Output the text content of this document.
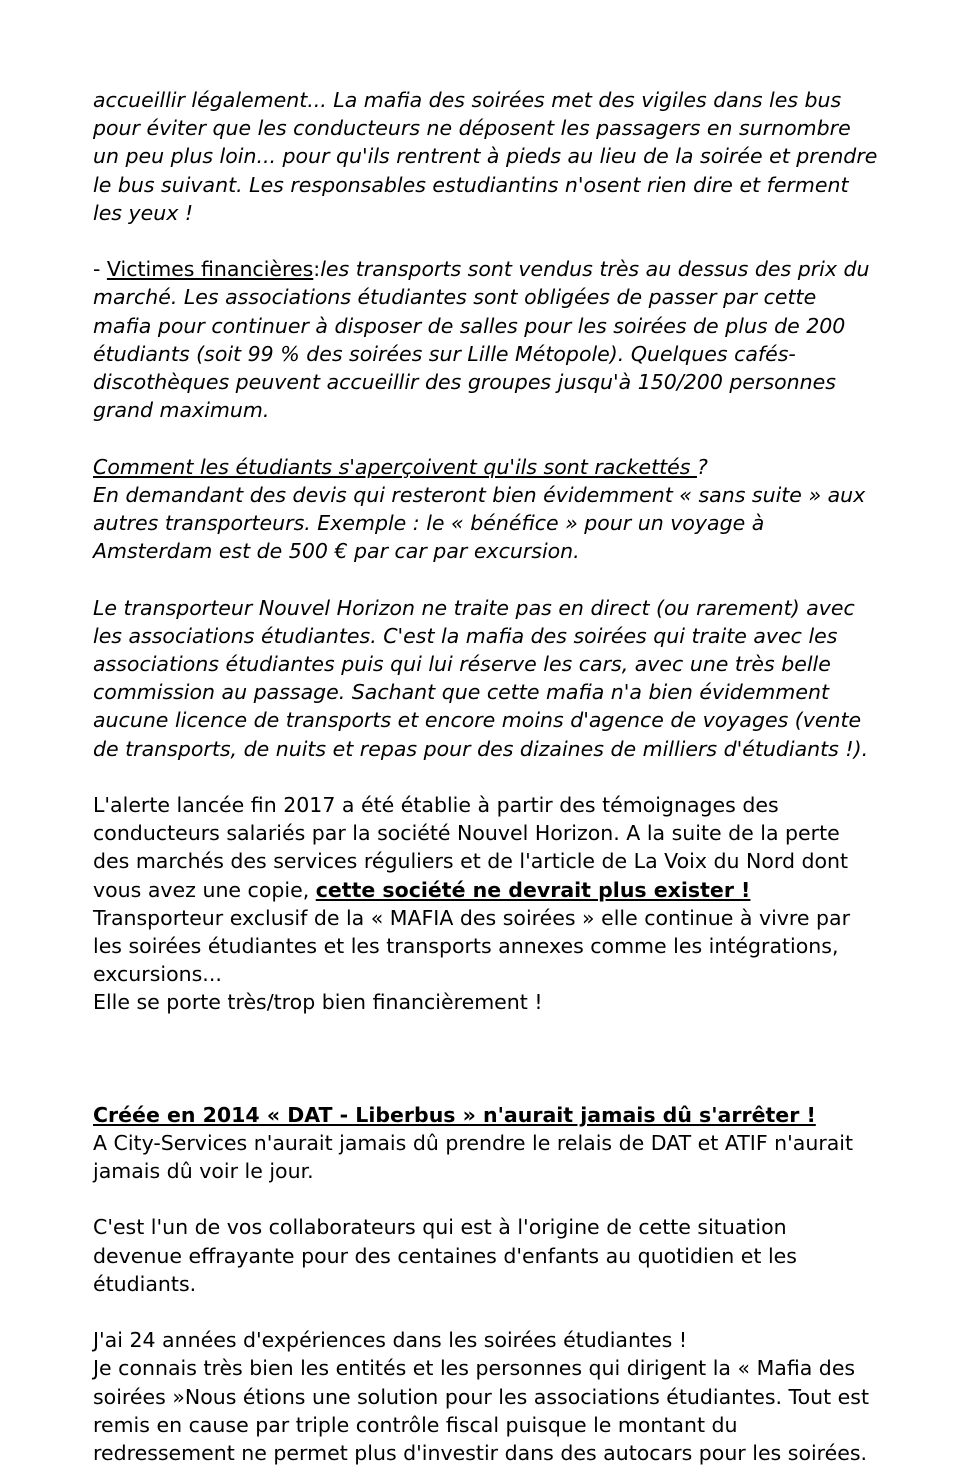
accueillir légalement... La mafia des soirées met des vigiles dans les bus pour éviter que les conducteurs ne déposent les passagers en surnombre un peu plus loin... pour qu'ils rentrent à pieds au lieu de la soirée et prendre le bus suivant. Les responsables estudiantins n'osent rien dire et ferment les yeux !

- Victimes financières:les transports sont vendus très au dessus des prix du marché. Les associations étudiantes sont obligées de passer par cette mafia pour continuer à disposer de salles pour les soirées de plus de 200 étudiants (soit 99 % des soirées sur Lille Métopole). Quelques cafés-discothèques peuvent accueillir des groupes jusqu'à 150/200 personnes grand maximum.

Comment les étudiants s'aperçoivent qu'ils sont rackettés ?

En demandant des devis qui resteront bien évidemment « sans suite » aux autres transporteurs. Exemple : le « bénéfice » pour un voyage à Amsterdam est de 500 € par car par excursion.

Le transporteur Nouvel Horizon ne traite pas en direct (ou rarement) avec les associations étudiantes. C'est la mafia des soirées qui traite avec les associations étudiantes puis qui lui réserve les cars, avec une très belle commission au passage. Sachant que cette mafia n'a bien évidemment aucune licence de transports et encore moins d'agence de voyages (vente de transports, de nuits et repas pour des dizaines de milliers d'étudiants !).

L'alerte lancée fin 2017 a été établie à partir des témoignages des conducteurs salariés par la société Nouvel Horizon. A la suite de la perte des marchés des services réguliers et de l'article de La Voix du Nord dont vous avez une copie, cette société ne devrait plus exister ! Transporteur exclusif de la « MAFIA des soirées » elle continue à vivre par les soirées étudiantes et les transports annexes comme les intégrations, excursions...

Elle se porte très/trop bien financièrement !

Créée en 2014 « DAT - Liberbus » n'aurait jamais dû s'arrêter !

A City-Services n'aurait jamais dû prendre le relais de DAT et ATIF n'aurait jamais dû voir le jour.

C'est l'un de vos collaborateurs qui est à l'origine de cette situation devenue effrayante pour des centaines d'enfants au quotidien et les étudiants.

J'ai 24 années d'expériences dans les soirées étudiantes !

Je connais très bien les entités et les personnes qui dirigent la « Mafia des soirées »Nous étions une solution pour les associations étudiantes. Tout est remis en cause par triple contrôle fiscal puisque le montant du redressement ne permet plus d'investir dans des autocars pour les soirées.
